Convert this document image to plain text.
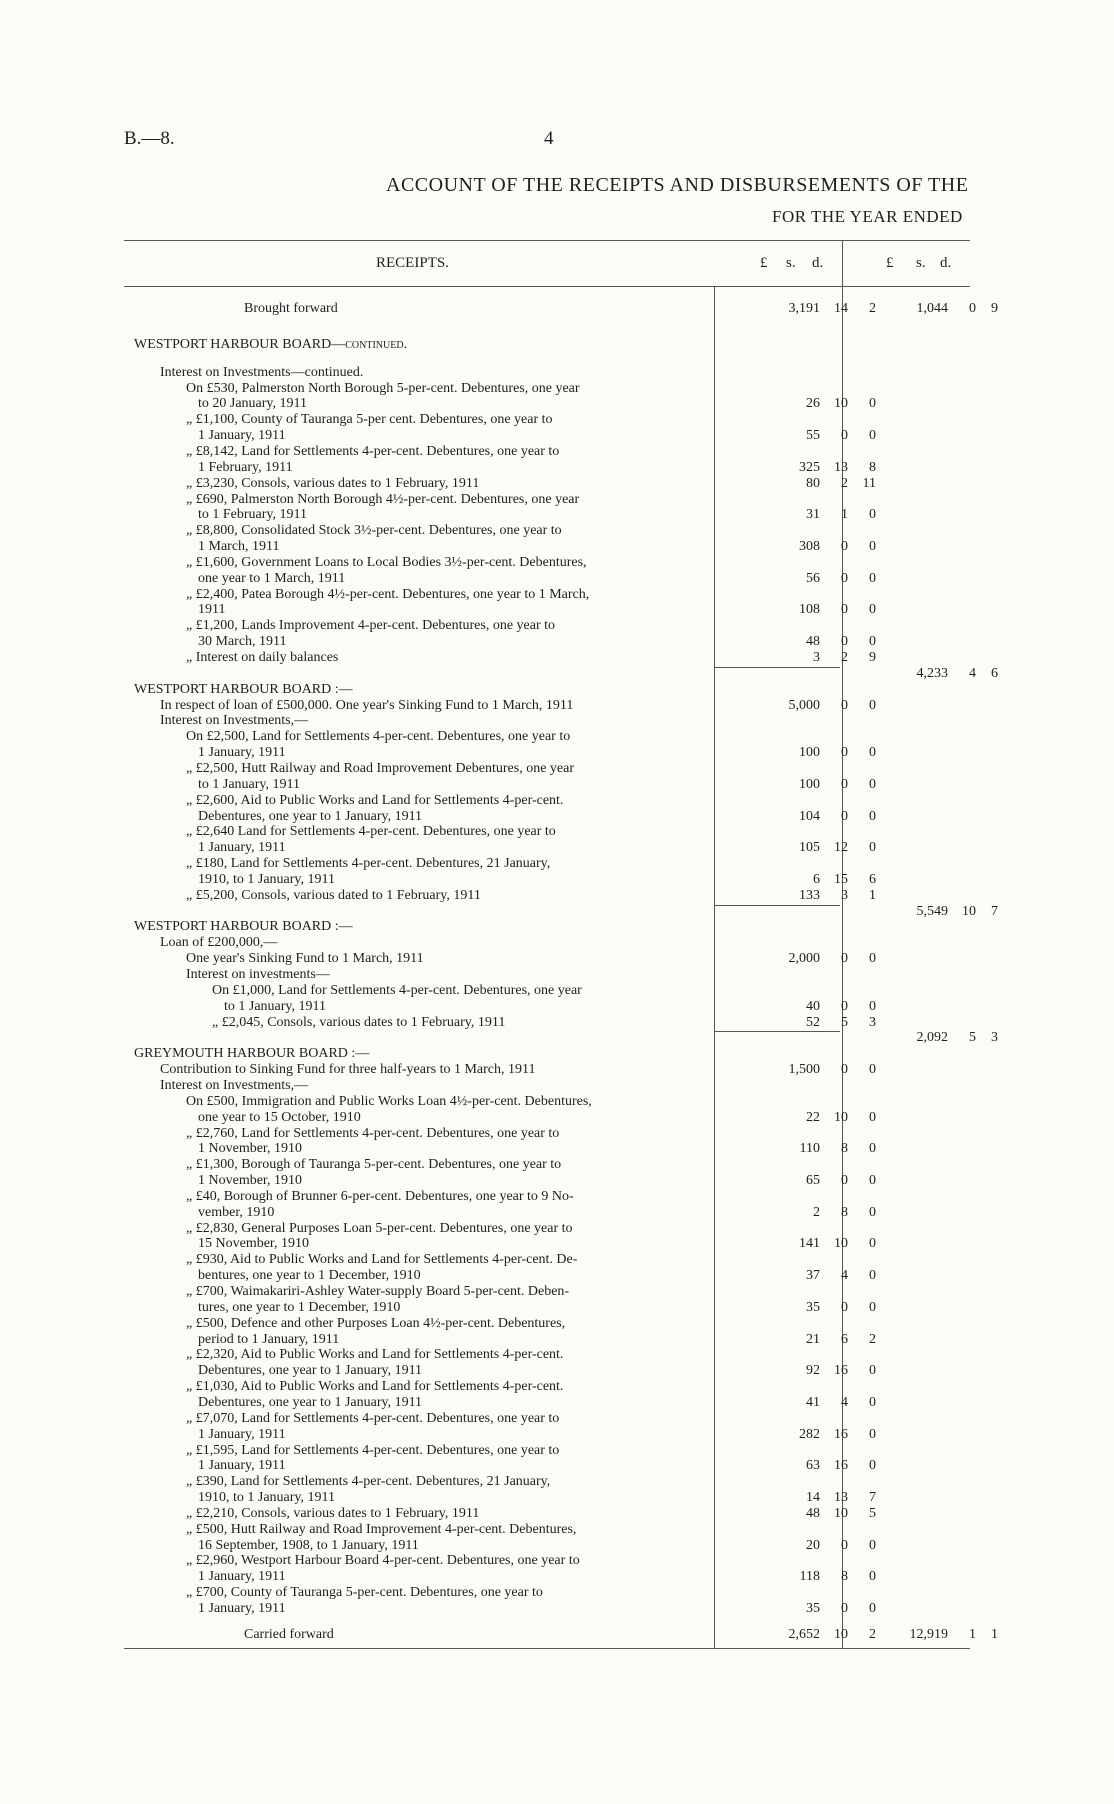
B.—8.	4
ACCOUNT OF THE RECEIPTS AND DISBURSEMENTS OF THE
FOR THE YEAR ENDED
RECEIPTS.	£ s. d.	£ s. d.
Brought forward	3,191	14	2	1,044	0	9
WESTPORT HARBOUR BOARD—continued.
Interest on Investments—continued.
On £530, Palmerston North Borough 5-per-cent. Debentures, one year
to 20 January, 1911	26	10	0
„ £1,100, County of Tauranga 5-per cent. Debentures, one year to
1 January, 1911	55	0	0
„ £8,142, Land for Settlements 4-per-cent. Debentures, one year to
1 February, 1911	325	13	8
„ £3,230, Consols, various dates to 1 February, 1911	80	2	11
„ £690, Palmerston North Borough 4½-per-cent. Debentures, one year
to 1 February, 1911	31	1	0
„ £8,800, Consolidated Stock 3½-per-cent. Debentures, one year to
1 March, 1911	308	0	0
„ £1,600, Government Loans to Local Bodies 3½-per-cent. Debentures,
one year to 1 March, 1911	56	0	0
„ £2,400, Patea Borough 4½-per-cent. Debentures, one year to 1 March,
1911	108	0	0
„ £1,200, Lands Improvement 4-per-cent. Debentures, one year to
30 March, 1911	48	0	0
„ Interest on daily balances	3	2	9
4,233	4	6
WESTPORT HARBOUR BOARD :—
In respect of loan of £500,000. One year's Sinking Fund to 1 March, 1911	5,000	0	0
Interest on Investments,—
On £2,500, Land for Settlements 4-per-cent. Debentures, one year to
1 January, 1911	100	0	0
„ £2,500, Hutt Railway and Road Improvement Debentures, one year
to 1 January, 1911	100	0	0
„ £2,600, Aid to Public Works and Land for Settlements 4-per-cent.
Debentures, one year to 1 January, 1911	104	0	0
„ £2,640 Land for Settlements 4-per-cent. Debentures, one year to
1 January, 1911	105	12	0
„ £180, Land for Settlements 4-per-cent. Debentures, 21 January,
1910, to 1 January, 1911	6	15	6
„ £5,200, Consols, various dated to 1 February, 1911	133	3	1
5,549	10	7
WESTPORT HARBOUR BOARD :—
Loan of £200,000,—
One year's Sinking Fund to 1 March, 1911	2,000	0	0
Interest on investments—
On £1,000, Land for Settlements 4-per-cent. Debentures, one year
to 1 January, 1911	40	0	0
„ £2,045, Consols, various dates to 1 February, 1911	52	5	3
2,092	5	3
GREYMOUTH HARBOUR BOARD :—
Contribution to Sinking Fund for three half-years to 1 March, 1911	1,500	0	0
Interest on Investments,—
On £500, Immigration and Public Works Loan 4½-per-cent. Debentures,
one year to 15 October, 1910	22	10	0
„ £2,760, Land for Settlements 4-per-cent. Debentures, one year to
1 November, 1910	110	8	0
„ £1,300, Borough of Tauranga 5-per-cent. Debentures, one year to
1 November, 1910	65	0	0
„ £40, Borough of Brunner 6-per-cent. Debentures, one year to 9 No-
vember, 1910	2	8	0
„ £2,830, General Purposes Loan 5-per-cent. Debentures, one year to
15 November, 1910	141	10	0
„ £930, Aid to Public Works and Land for Settlements 4-per-cent. De-
bentures, one year to 1 December, 1910	37	4	0
„ £700, Waimakariri-Ashley Water-supply Board 5-per-cent. Deben-
tures, one year to 1 December, 1910	35	0	0
„ £500, Defence and other Purposes Loan 4½-per-cent. Debentures,
period to 1 January, 1911	21	6	2
„ £2,320, Aid to Public Works and Land for Settlements 4-per-cent.
Debentures, one year to 1 January, 1911	92	16	0
„ £1,030, Aid to Public Works and Land for Settlements 4-per-cent.
Debentures, one year to 1 January, 1911	41	4	0
„ £7,070, Land for Settlements 4-per-cent. Debentures, one year to
1 January, 1911	282	16	0
„ £1,595, Land for Settlements 4-per-cent. Debentures, one year to
1 January, 1911	63	16	0
„ £390, Land for Settlements 4-per-cent. Debentures, 21 January,
1910, to 1 January, 1911	14	13	7
„ £2,210, Consols, various dates to 1 February, 1911	48	10	5
„ £500, Hutt Railway and Road Improvement 4-per-cent. Debentures,
16 September, 1908, to 1 January, 1911	20	0	0
„ £2,960, Westport Harbour Board 4-per-cent. Debentures, one year to
1 January, 1911	118	8	0
„ £700, County of Tauranga 5-per-cent. Debentures, one year to
1 January, 1911	35	0	0
Carried forward	2,652	10	2	12,919	1	1
